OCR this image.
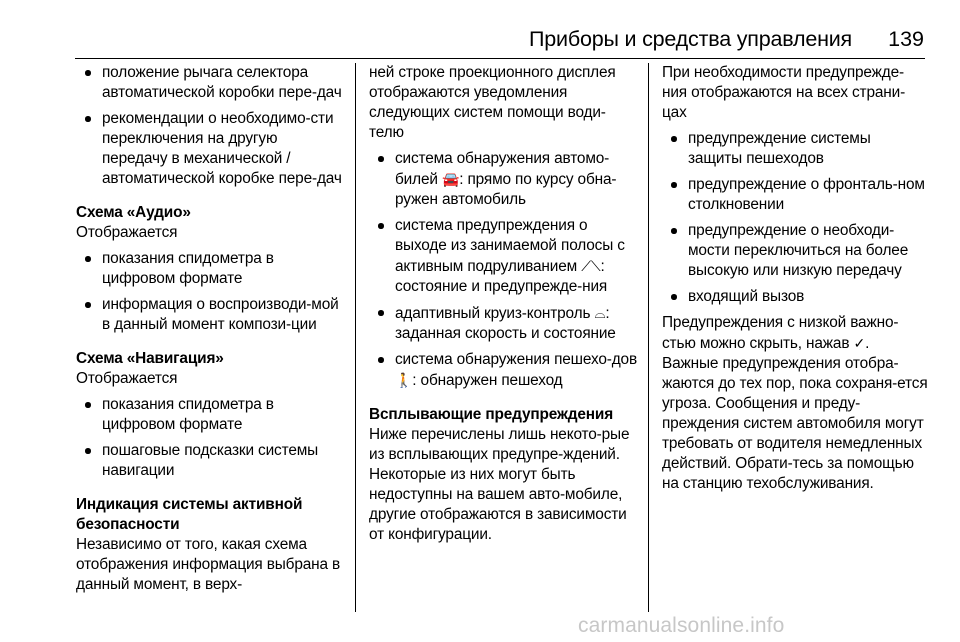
Приборы и средства управления 139
положение рычага селектора автоматической коробки пере-дач
рекомендации о необходимо-сти переключения на другую передачу в механической / автоматической коробке пере-дач

Схема «Аудио»

Отображается

показания спидометра в цифровом формате
информация о воспроизводи-мой в данный момент компози-ции

Схема «Навигация»

Отображается

показания спидометра в цифровом формате
пошаговые подсказки системы навигации

Индикация системы активной безопасности

Независимо от того, какая схема отображения информация выбрана в данный момент, в верх-

ней строке проекционного дисплея отображаются уведомления следующих систем помощи води-телю

система обнаружения автомо-билей 🚘: прямо по курсу обна-ружен автомобиль
система предупреждения о выходе из занимаемой полосы с активным подруливанием ⟋⟍: состояние и предупрежде-ния
адаптивный круиз-контроль ⌓: заданная скорость и состояние
система обнаружения пешехо-дов 🚶: обнаружен пешеход

Всплывающие предупреждения

Ниже перечислены лишь некото-рые из всплывающих предупре-ждений. Некоторые из них могут быть недоступны на вашем авто-мобиле, другие отображаются в зависимости от конфигурации.

При необходимости предупрежде-ния отображаются на всех страни-цах

предупреждение системы защиты пешеходов
предупреждение о фронталь-ном столкновении
предупреждение о необходи-мости переключиться на более высокую или низкую передачу
входящий вызов

Предупреждения с низкой важно-стью можно скрыть, нажав ✓. Важные предупреждения отобра-жаются до тех пор, пока сохраня-ется угроза. Сообщения и преду-преждения систем автомобиля могут требовать от водителя немедленных действий. Обрати-тесь за помощью на станцию техобслуживания.

carmanualsonline.info
